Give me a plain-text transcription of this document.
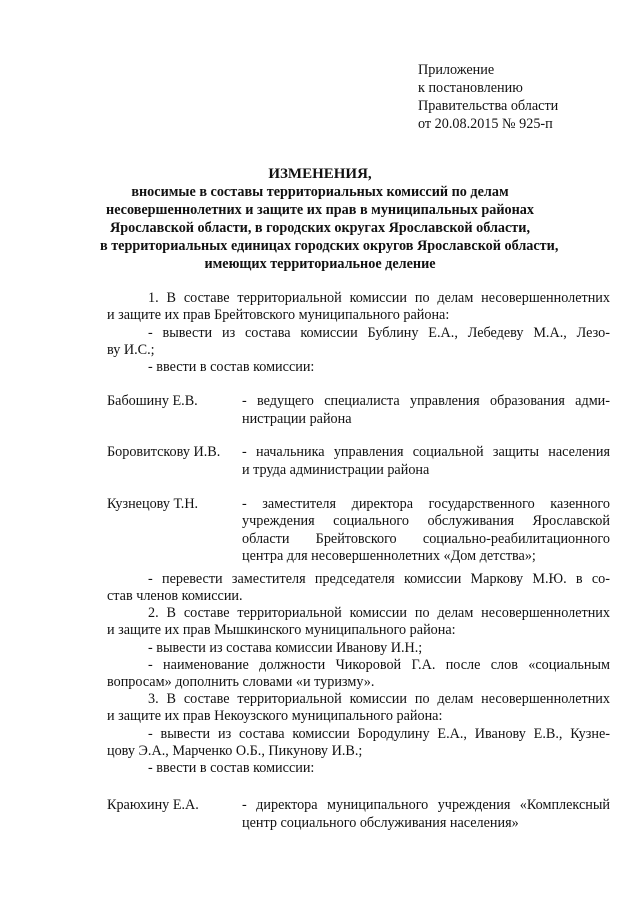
Приложение
к постановлению
Правительства области
от 20.08.2015 № 925-п
ИЗМЕНЕНИЯ,
вносимые в составы территориальных комиссий по делам
несовершеннолетних и защите их прав в муниципальных районах
Ярославской области, в городских округах Ярославской области,
в территориальных единицах городских округов Ярославской области,
имеющих территориальное деление
1. В составе территориальной комиссии по делам несовершеннолетних
и защите их прав Брейтовского муниципального района:
- вывести из состава комиссии Бублину Е.А., Лебедеву М.А., Лезо-
ву И.С.;
- ввести в состав комиссии:
Бабошину Е.В.	- ведущего специалиста управления образования адми-
нистрации района
Боровитскову И.В. - начальника управления социальной защиты населения
и труда администрации района
Кузнецову Т.Н.	- заместителя директора государственного казенного
учреждения социального обслуживания Ярославской
области Брейтовского социально-реабилитационного
центра для несовершеннолетних «Дом детства»;
- перевести заместителя председателя комиссии Маркову М.Ю. в со-
став членов комиссии.
2. В составе территориальной комиссии по делам несовершеннолетних
и защите их прав Мышкинского муниципального района:
- вывести из состава комиссии Иванову И.Н.;
- наименование должности Чикоровой Г.А. после слов «социальным
вопросам» дополнить словами «и туризму».
3. В составе территориальной комиссии по делам несовершеннолетних
и защите их прав Некоузского муниципального района:
- вывести из состава комиссии Бородулину Е.А., Иванову Е.В., Кузне-
цову Э.А., Марченко О.Б., Пикунову И.В.;
- ввести в состав комиссии:
Краюхину Е.А.	- директора муниципального учреждения «Комплексный
центр социального обслуживания населения»
